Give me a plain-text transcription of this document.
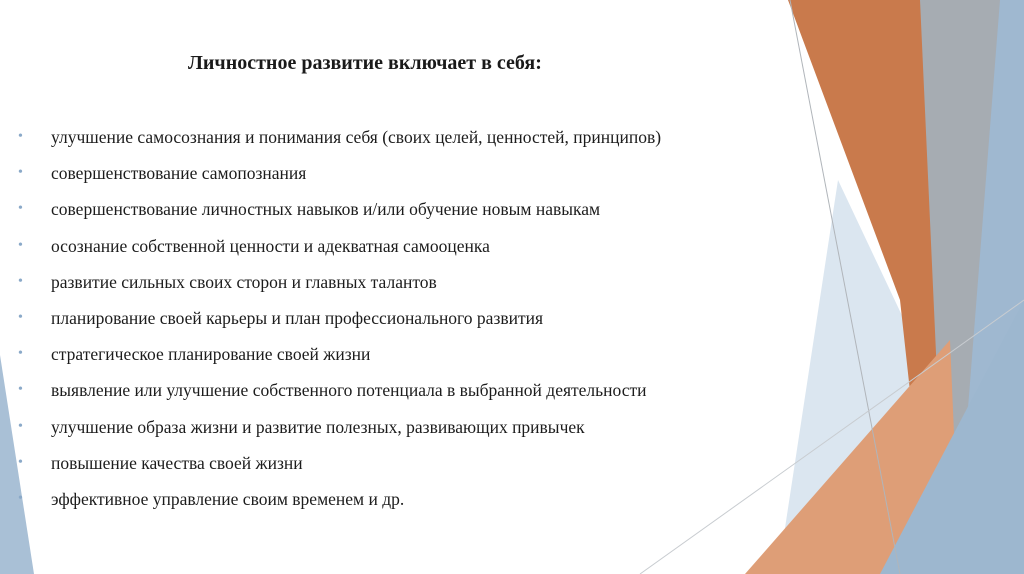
Личностное развитие включает в себя:
• улучшение самосознания и понимания себя (своих целей, ценностей, принципов)
• совершенствование самопознания
• совершенствование личностных навыков и/или обучение новым навыкам
• осознание собственной ценности и адекватная самооценка
• развитие сильных своих сторон и главных талантов
• планирование своей карьеры и план профессионального развития
• стратегическое планирование своей жизни
• выявление или улучшение собственного потенциала в выбранной деятельности
• улучшение образа жизни и развитие полезных, развивающих привычек
• повышение качества своей жизни
• эффективное управление своим временем и др.
